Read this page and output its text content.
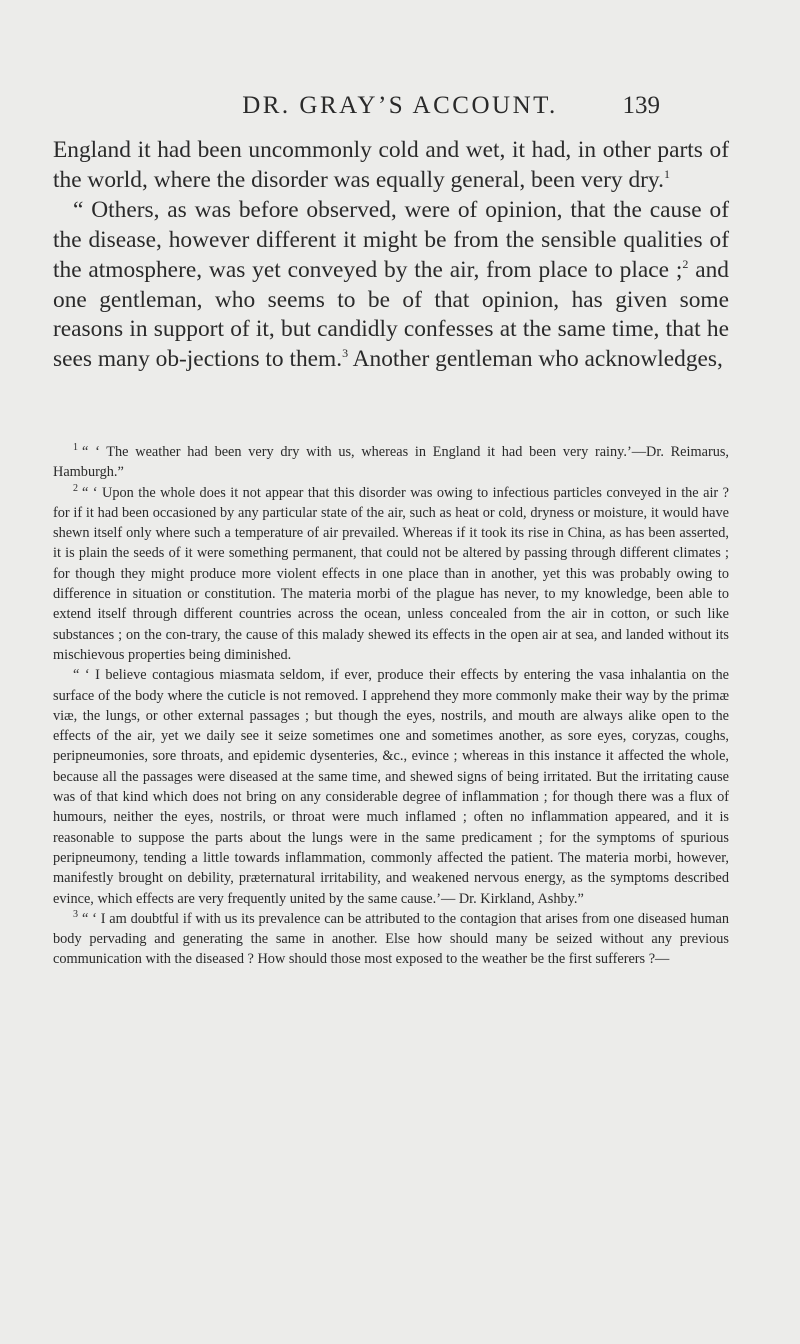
DR. GRAY’S ACCOUNT.	139

England it had been uncommonly cold and wet, it had, in other parts of the world, where the disorder was equally general, been very dry.$^1$

“ Others, as was before observed, were of opinion, that the cause of the disease, however different it might be from the sensible qualities of the atmosphere, was yet conveyed by the air, from place to place ;$^2$ and one gentleman, who seems to be of that opinion, has given some reasons in support of it, but candidly confesses at the same time, that he sees many ob-jections to them.$^3$ Another gentleman who acknowledges,

$^1$ “ ‘ The weather had been very dry with us, whereas in England it had been very rainy.’—Dr. Reimarus, Hamburgh.”

$^2$ “ ‘ Upon the whole does it not appear that this disorder was owing to infectious particles conveyed in the air ? for if it had been occasioned by any particular state of the air, such as heat or cold, dryness or moisture, it would have shewn itself only where such a temperature of air prevailed. Whereas if it took its rise in China, as has been asserted, it is plain the seeds of it were something permanent, that could not be altered by passing through different climates ; for though they might produce more violent effects in one place than in another, yet this was probably owing to difference in situation or constitution. The materia morbi of the plague has never, to my knowledge, been able to extend itself through different countries across the ocean, unless concealed from the air in cotton, or such like substances ; on the con-trary, the cause of this malady shewed its effects in the open air at sea, and landed without its mischievous properties being diminished.

“ ‘ I believe contagious miasmata seldom, if ever, produce their effects by entering the vasa inhalantia on the surface of the body where the cuticle is not removed. I apprehend they more commonly make their way by the primæ viæ, the lungs, or other external passages ; but though the eyes, nostrils, and mouth are always alike open to the effects of the air, yet we daily see it seize sometimes one and sometimes another, as sore eyes, coryzas, coughs, peripneumonies, sore throats, and epidemic dysenteries, &c., evince ; whereas in this instance it affected the whole, because all the passages were diseased at the same time, and shewed signs of being irritated. But the irritating cause was of that kind which does not bring on any considerable degree of inflammation ; for though there was a flux of humours, neither the eyes, nostrils, or throat were much inflamed ; often no inflammation appeared, and it is reasonable to suppose the parts about the lungs were in the same predicament ; for the symptoms of spurious peripneumony, tending a little towards inflammation, commonly affected the patient. The materia morbi, however, manifestly brought on debility, præternatural irritability, and weakened nervous energy, as the symptoms described evince, which effects are very frequently united by the same cause.’— Dr. Kirkland, Ashby.”

$^3$ “ ‘ I am doubtful if with us its prevalence can be attributed to the contagion that arises from one diseased human body pervading and generating the same in another. Else how should many be seized without any previous communication with the diseased ? How should those most exposed to the weather be the first sufferers ?—
